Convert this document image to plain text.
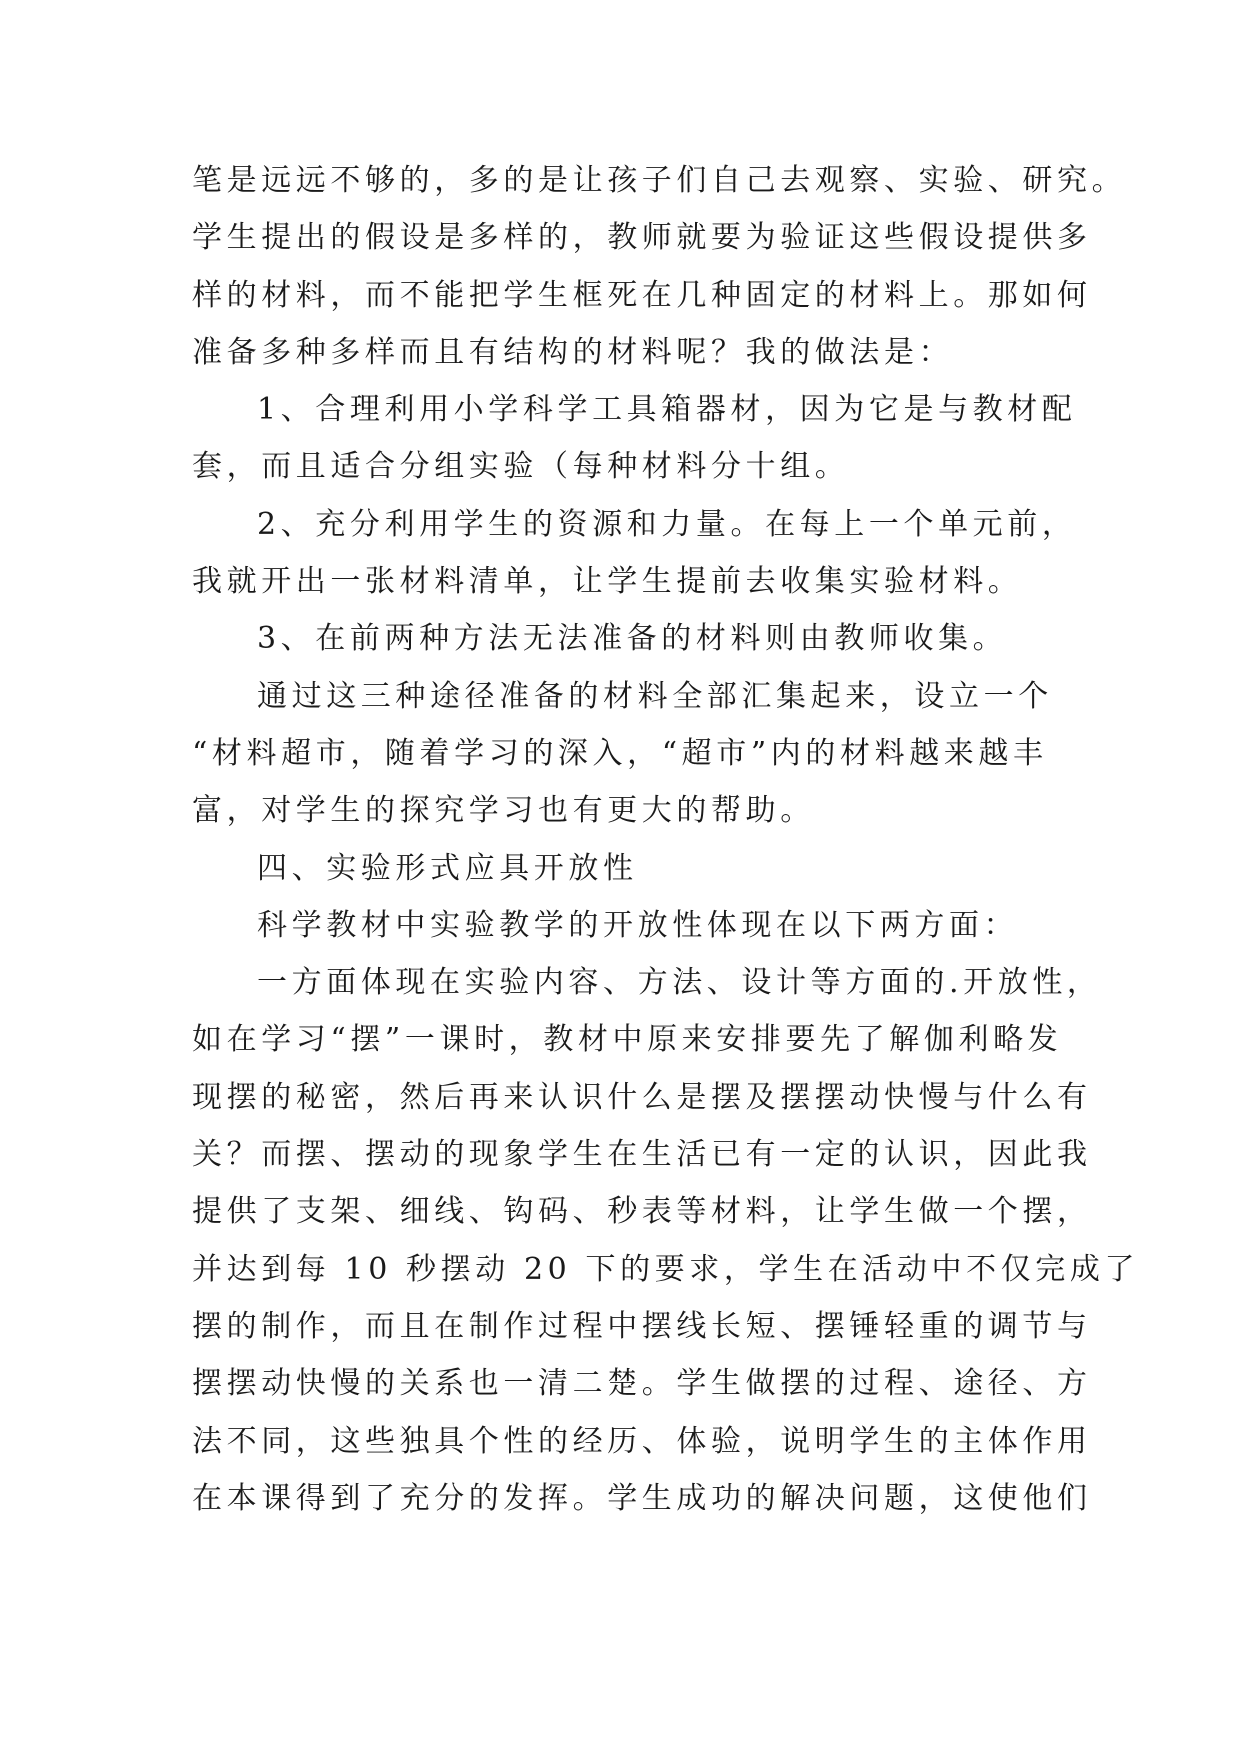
笔是远远不够的，多的是让孩子们自己去观察、实验、研究。
学生提出的假设是多样的，教师就要为验证这些假设提供多
样的材料，而不能把学生框死在几种固定的材料上。那如何
准备多种多样而且有结构的材料呢？我的做法是：
1、合理利用小学科学工具箱器材，因为它是与教材配
套，而且适合分组实验（每种材料分十组。
2、充分利用学生的资源和力量。在每上一个单元前，
我就开出一张材料清单，让学生提前去收集实验材料。
3、在前两种方法无法准备的材料则由教师收集。
通过这三种途径准备的材料全部汇集起来，设立一个
“材料超市，随着学习的深入，“超市”内的材料越来越丰
富，对学生的探究学习也有更大的帮助。
四、实验形式应具开放性
科学教材中实验教学的开放性体现在以下两方面：
一方面体现在实验内容、方法、设计等方面的.开放性，
如在学习“摆”一课时，教材中原来安排要先了解伽利略发
现摆的秘密，然后再来认识什么是摆及摆摆动快慢与什么有
关？而摆、摆动的现象学生在生活已有一定的认识，因此我
提供了支架、细线、钩码、秒表等材料，让学生做一个摆，
并达到每 10 秒摆动 20 下的要求，学生在活动中不仅完成了
摆的制作，而且在制作过程中摆线长短、摆锤轻重的调节与
摆摆动快慢的关系也一清二楚。学生做摆的过程、途径、方
法不同，这些独具个性的经历、体验，说明学生的主体作用
在本课得到了充分的发挥。学生成功的解决问题，这使他们
